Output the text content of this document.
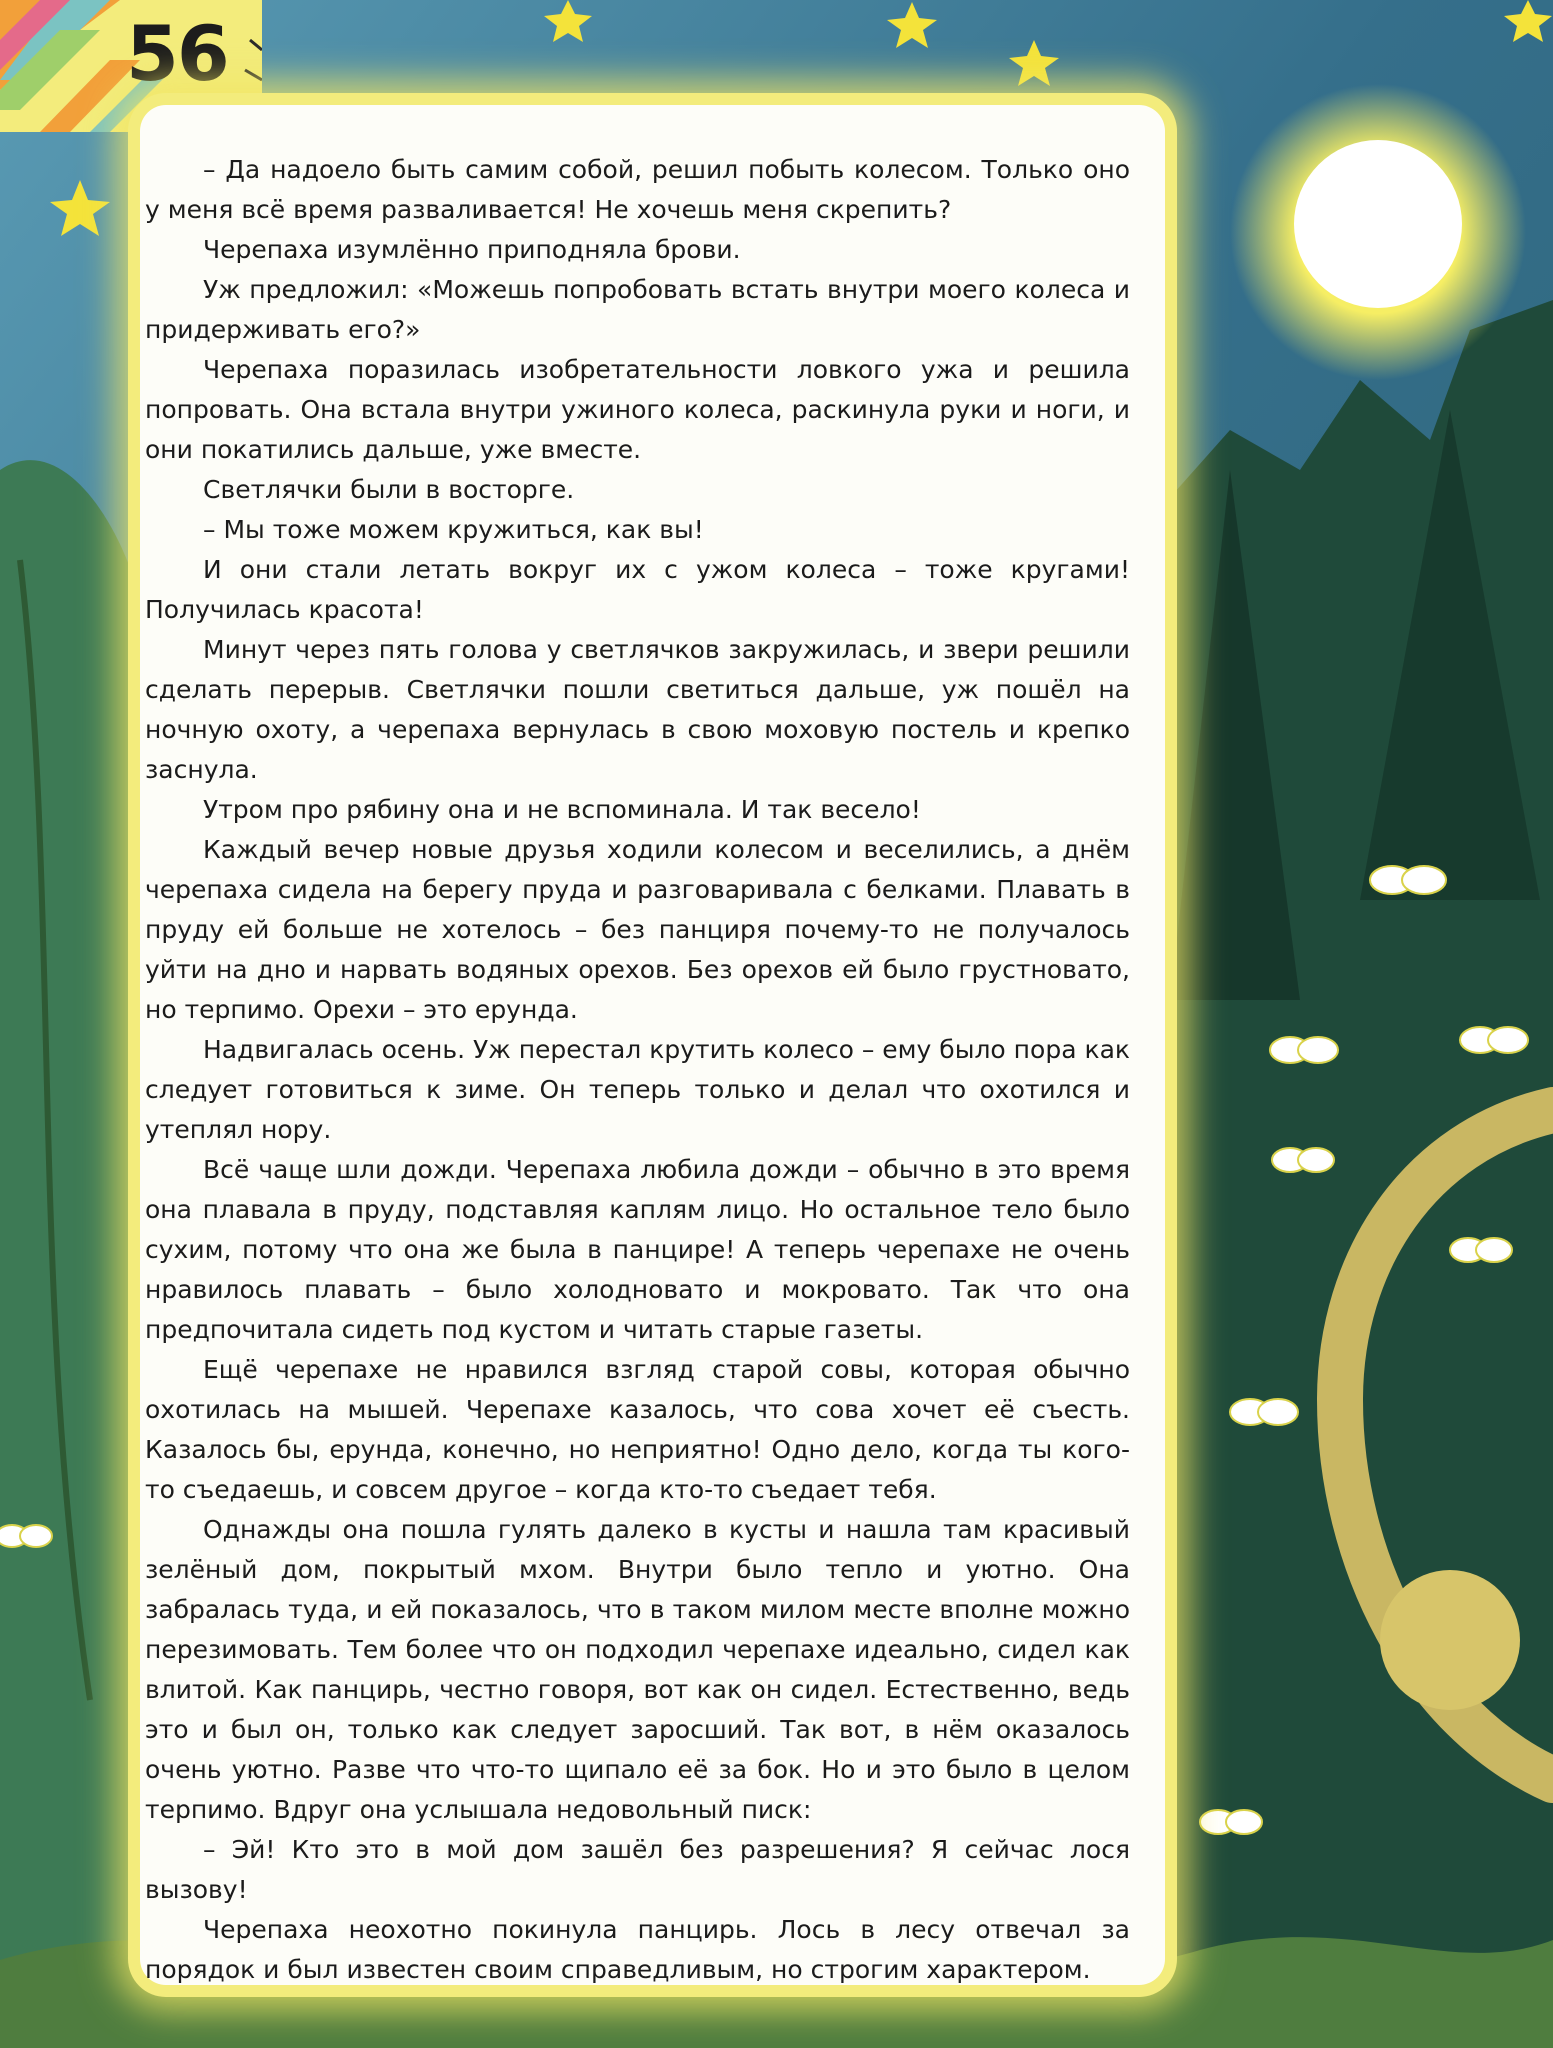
56

– Да надоело быть самим собой, решил побыть колесом. Только оно у меня всё время разваливается! Не хочешь меня скрепить?

Черепаха изумлённо приподняла брови.

Уж предложил: «Можешь попробовать встать внутри моего колеса и придерживать его?»

Черепаха поразилась изобретательности ловкого ужа и решила попровать. Она встала внутри ужиного колеса, раскинула руки и ноги, и они покатились дальше, уже вместе.

Светлячки были в восторге.

– Мы тоже можем кружиться, как вы!

И они стали летать вокруг их с ужом колеса – тоже кругами! Получилась красота!

Минут через пять голова у светлячков закружилась, и звери решили сделать перерыв. Светлячки пошли светиться дальше, уж пошёл на ночную охоту, а черепаха вернулась в свою моховую постель и крепко заснула.

Утром про рябину она и не вспоминала. И так весело!

Каждый вечер новые друзья ходили колесом и веселились, а днём черепаха сидела на берегу пруда и разговаривала с белками. Плавать в пруду ей больше не хотелось – без панциря почему-то не получалось уйти на дно и нарвать водяных орехов. Без орехов ей было грустновато, но терпимо. Орехи – это ерунда.

Надвигалась осень. Уж перестал крутить колесо – ему было пора как следует готовиться к зиме. Он теперь только и делал что охотился и утеплял нору.

Всё чаще шли дожди. Черепаха любила дожди – обычно в это время она плавала в пруду, подставляя каплям лицо. Но остальное тело было сухим, потому что она же была в панцире! А теперь черепахе не очень нравилось плавать – было холодновато и мокровато. Так что она предпочитала сидеть под кустом и читать старые газеты.

Ещё черепахе не нравился взгляд старой совы, которая обычно охотилась на мышей. Черепахе казалось, что сова хочет её съесть. Казалось бы, ерунда, конечно, но неприятно! Одно дело, когда ты кого-то съедаешь, и совсем другое – когда кто-то съедает тебя.

Однажды она пошла гулять далеко в кусты и нашла там красивый зелёный дом, покрытый мхом. Внутри было тепло и уютно. Она забралась туда, и ей показалось, что в таком милом месте вполне можно перезимовать. Тем более что он подходил черепахе идеально, сидел как влитой. Как панцирь, честно говоря, вот как он сидел. Естественно, ведь это и был он, только как следует заросший. Так вот, в нём оказалось очень уютно. Разве что что-то щипало её за бок. Но и это было в целом терпимо. Вдруг она услышала недовольный писк:

– Эй! Кто это в мой дом зашёл без разрешения? Я сейчас лося вызову!

Черепаха неохотно покинула панцирь. Лось в лесу отвечал за порядок и был известен своим справедливым, но строгим характером.
